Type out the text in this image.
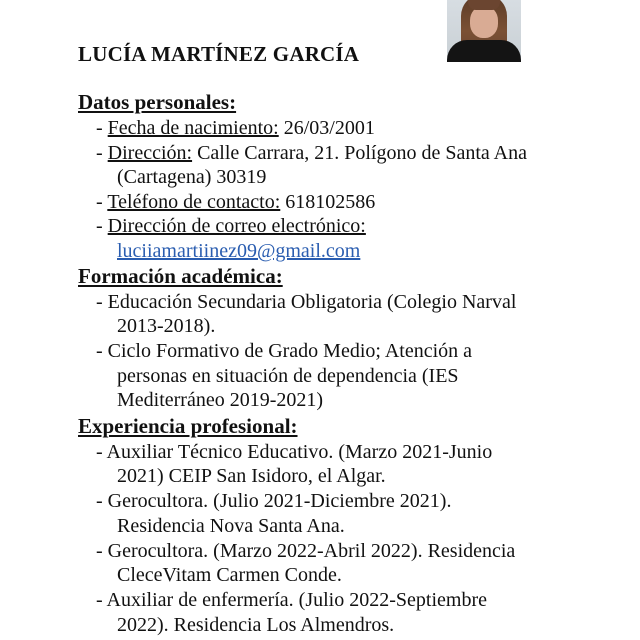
LUCÍA MARTÍNEZ GARCÍA
Datos personales:
- Fecha de nacimiento: 26/03/2001
- Dirección: Calle Carrara, 21. Polígono de Santa Ana
(Cartagena) 30319
- Teléfono de contacto: 618102586
- Dirección de correo electrónico:
luciiamartiinez09@gmail.com
Formación académica:
- Educación Secundaria Obligatoria (Colegio Narval
2013-2018).
- Ciclo Formativo de Grado Medio; Atención a
personas en situación de dependencia (IES
Mediterráneo 2019-2021)
Experiencia profesional:
- Auxiliar Técnico Educativo. (Marzo 2021-Junio
2021) CEIP San Isidoro, el Algar.
- Gerocultora. (Julio 2021-Diciembre 2021).
Residencia Nova Santa Ana.
- Gerocultora. (Marzo 2022-Abril 2022). Residencia
CleceVitam Carmen Conde.
- Auxiliar de enfermería. (Julio 2022-Septiembre
2022). Residencia Los Almendros.
